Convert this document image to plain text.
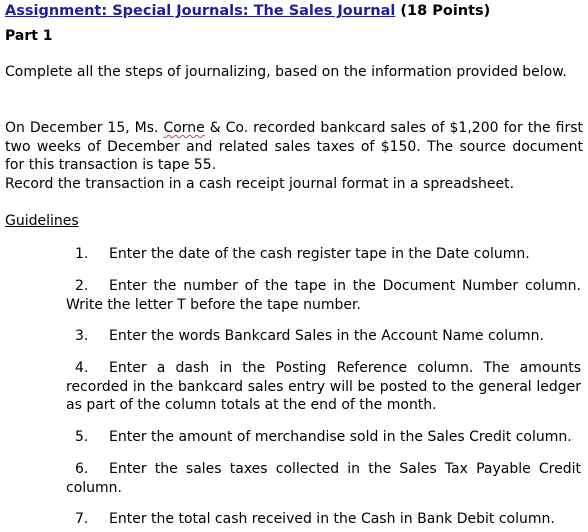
Assignment: Special Journals: The Sales Journal (18 Points)
Part 1
Complete all the steps of journalizing, based on the information provided below.
On December 15, Ms. Corne & Co. recorded bankcard sales of $1,200 for the first two weeks of December and related sales taxes of $150. The source document for this transaction is tape 55.
Record the transaction in a cash receipt journal format in a spreadsheet.
Guidelines
1. Enter the date of the cash register tape in the Date column.
2. Enter the number of the tape in the Document Number column. Write the letter T before the tape number.
3. Enter the words Bankcard Sales in the Account Name column.
4. Enter a dash in the Posting Reference column. The amounts recorded in the bankcard sales entry will be posted to the general ledger as part of the column totals at the end of the month.
5. Enter the amount of merchandise sold in the Sales Credit column.
6. Enter the sales taxes collected in the Sales Tax Payable Credit column.
7. Enter the total cash received in the Cash in Bank Debit column.
